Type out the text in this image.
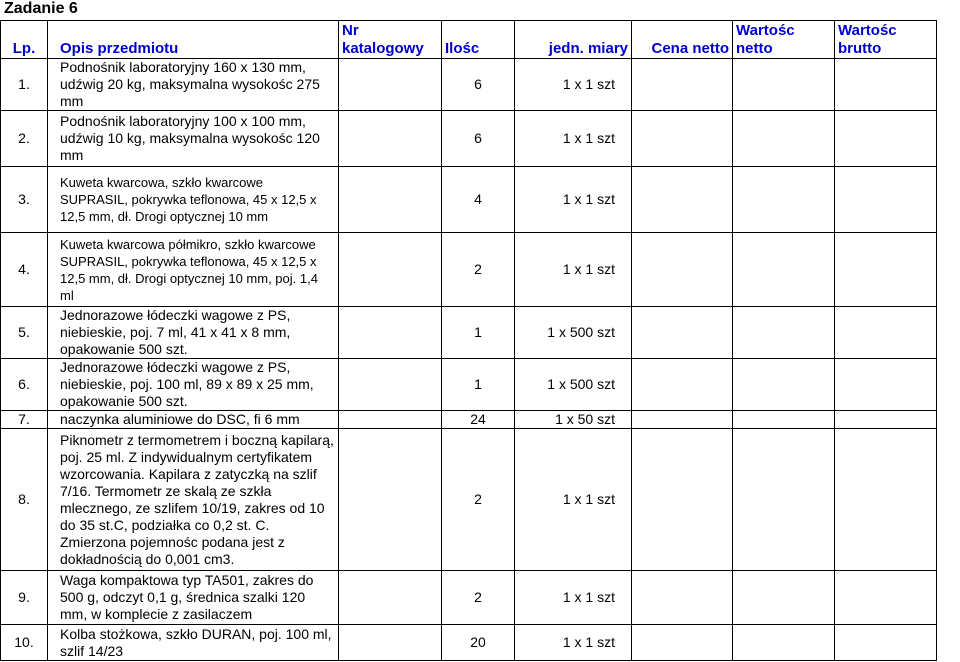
Zadanie 6
Lp.	Opis przedmiotu	Nr katalogowy	Ilośc	jedn. miary	Cena netto	Wartośc netto	Wartośc brutto
1.	Podnośnik laboratoryjny 160 x 130 mm, udźwig 20 kg, maksymalna wysokośc 275 mm		6	1 x 1 szt			
2.	Podnośnik laboratoryjny 100 x 100 mm, udźwig 10 kg, maksymalna wysokośc 120 mm		6	1 x 1 szt			
3.	Kuweta kwarcowa, szkło kwarcowe SUPRASIL, pokrywka teflonowa, 45 x 12,5 x 12,5 mm, dł. Drogi optycznej 10 mm		4	1 x 1 szt			
4.	Kuweta kwarcowa półmikro, szkło kwarcowe SUPRASIL, pokrywka teflonowa, 45 x 12,5 x 12,5 mm, dł. Drogi optycznej 10 mm, poj. 1,4 ml		2	1 x 1 szt			
5.	Jednorazowe łódeczki wagowe z PS, niebieskie, poj. 7 ml, 41 x 41 x 8 mm, opakowanie 500 szt.		1	1 x 500 szt			
6.	Jednorazowe łódeczki wagowe z PS, niebieskie, poj. 100 ml, 89 x 89 x 25 mm, opakowanie 500 szt.		1	1 x 500 szt			
7.	naczynka aluminiowe do DSC, fi 6 mm		24	1 x 50 szt			
8.	Piknometr z termometrem i boczną kapilarą, poj. 25 ml. Z indywidualnym certyfikatem wzorcowania. Kapilara z zatyczką na szlif 7/16. Termometr ze skalą ze szkła mlecznego, ze szlifem 10/19, zakres od 10 do 35 st.C, podziałka co 0,2 st. C. Zmierzona pojemnośc podana jest z dokładnością do 0,001 cm3.		2	1 x 1 szt			
9.	Waga kompaktowa typ TA501, zakres do 500 g, odczyt 0,1 g, średnica szalki 120 mm, w komplecie z zasilaczem		2	1 x 1 szt			
10.	Kolba stożkowa, szkło DURAN, poj. 100 ml, szlif 14/23		20	1 x 1 szt			
